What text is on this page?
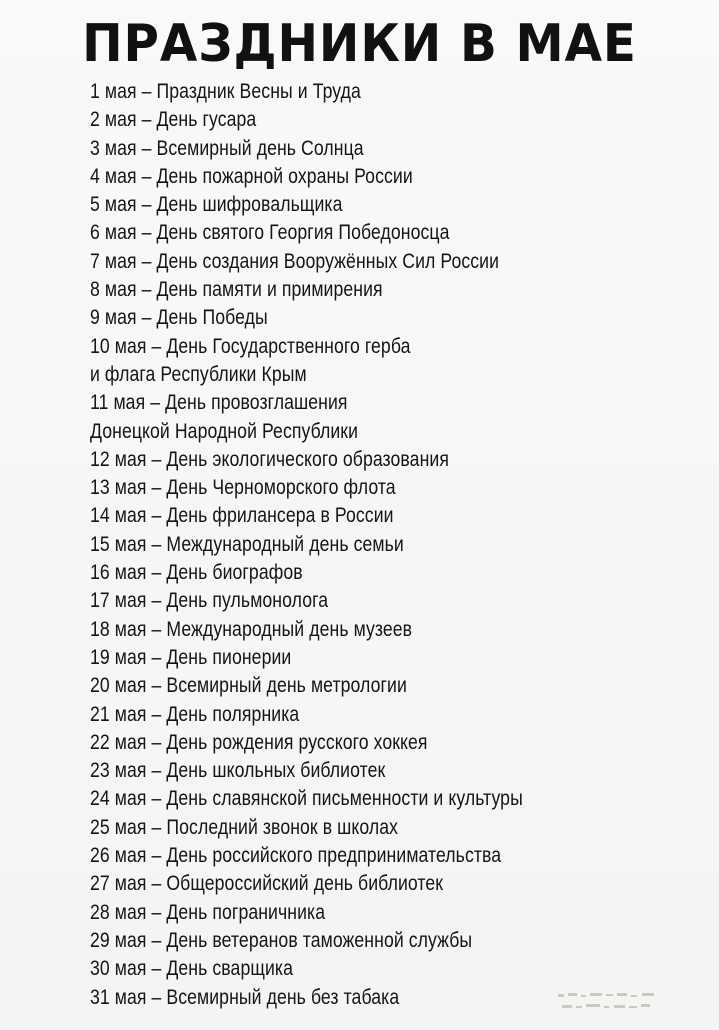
ПРАЗДНИКИ В МАЕ
1 мая – Праздник Весны и Труда
2 мая – День гусара
3 мая – Всемирный день Солнца
4 мая – День пожарной охраны России
5 мая – День шифровальщика
6 мая – День святого Георгия Победоносца
7 мая – День создания Вооружённых Сил России
8 мая – День памяти и примирения
9 мая – День Победы
10 мая – День Государственного герба
и флага Республики Крым
11 мая – День провозглашения
Донецкой Народной Республики
12 мая – День экологического образования
13 мая – День Черноморского флота
14 мая – День фрилансера в России
15 мая – Международный день семьи
16 мая – День биографов
17 мая – День пульмонолога
18 мая – Международный день музеев
19 мая – День пионерии
20 мая – Всемирный день метрологии
21 мая – День полярника
22 мая – День рождения русского хоккея
23 мая – День школьных библиотек
24 мая – День славянской письменности и культуры
25 мая – Последний звонок в школах
26 мая – День российского предпринимательства
27 мая – Общероссийский день библиотек
28 мая – День пограничника
29 мая – День ветеранов таможенной службы
30 мая – День сварщика
31 мая – Всемирный день без табака
